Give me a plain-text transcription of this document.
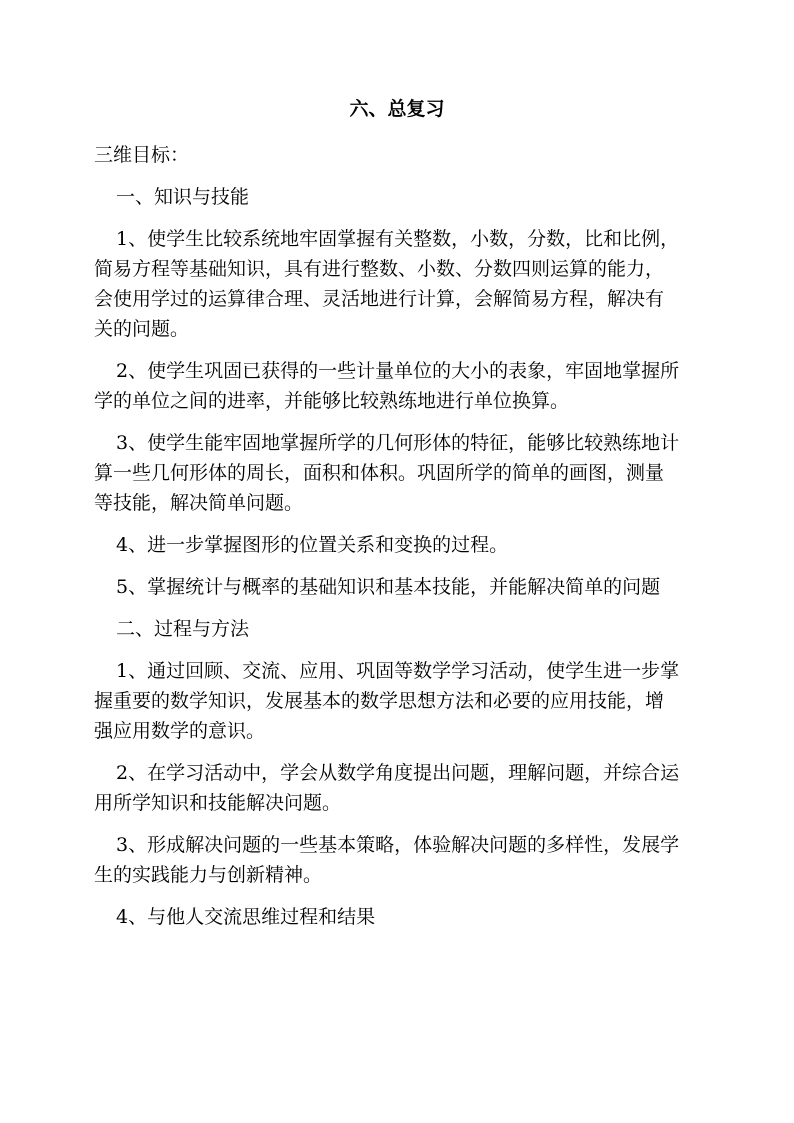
六、总复习

三维目标：

一、知识与技能

1、使学生比较系统地牢固掌握有关整数，小数，分数，比和比例，

简易方程等基础知识，具有进行整数、小数、分数四则运算的能力，

会使用学过的运算律合理、灵活地进行计算，会解简易方程，解决有

关的问题。

2、使学生巩固已获得的一些计量单位的大小的表象，牢固地掌握所

学的单位之间的进率，并能够比较熟练地进行单位换算。

3、使学生能牢固地掌握所学的几何形体的特征，能够比较熟练地计

算一些几何形体的周长，面积和体积。巩固所学的简单的画图，测量

等技能，解决简单问题。

4、进一步掌握图形的位置关系和变换的过程。

5、掌握统计与概率的基础知识和基本技能，并能解决简单的问题

二、过程与方法

1、通过回顾、交流、应用、巩固等数学学习活动，使学生进一步掌

握重要的数学知识，发展基本的数学思想方法和必要的应用技能，增

强应用数学的意识。

2、在学习活动中，学会从数学角度提出问题，理解问题，并综合运

用所学知识和技能解决问题。

3、形成解决问题的一些基本策略，体验解决问题的多样性，发展学

生的实践能力与创新精神。

4、与他人交流思维过程和结果
